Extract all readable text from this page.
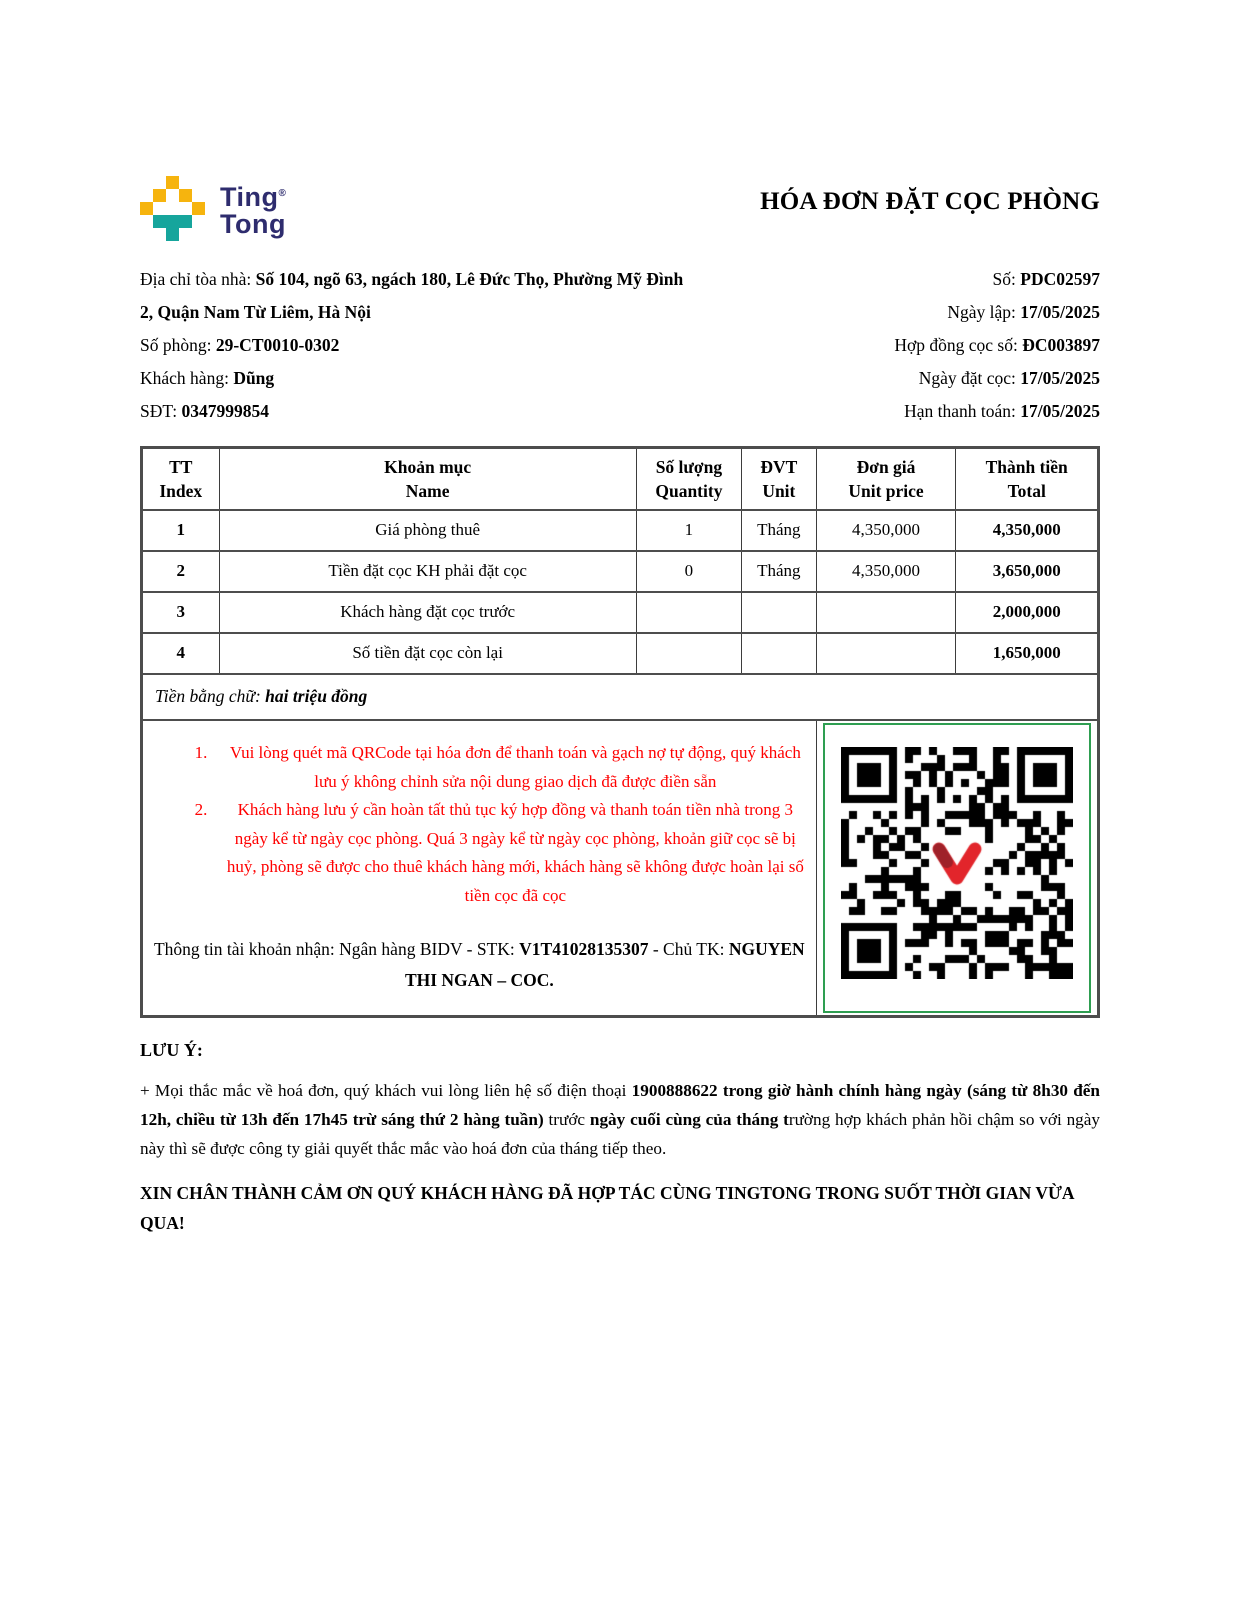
Ting®
Tong
HÓA ĐƠN ĐẶT CỌC PHÒNG
Địa chỉ tòa nhà: Số 104, ngõ 63, ngách 180, Lê Đức Thọ, Phường Mỹ Đình 2, Quận Nam Từ Liêm, Hà Nội
Số phòng: 29-CT0010-0302
Khách hàng: Dũng
SĐT: 0347999854
Số: PDC02597
Ngày lập: 17/05/2025
Hợp đồng cọc số: ĐC003897
Ngày đặt cọc: 17/05/2025
Hạn thanh toán: 17/05/2025
TT
Index

Khoản mục
Name

Số lượng
Quantity

ĐVT
Unit

Đơn giá
Unit price

Thành tiền
Total

1	Giá phòng thuê	1	Tháng	4,350,000	4,350,000
2	Tiền đặt cọc KH phải đặt cọc	0	Tháng	4,350,000	3,650,000
3	Khách hàng đặt cọc trước				2,000,000
4	Số tiền đặt cọc còn lại				1,650,000
Tiền bằng chữ: hai triệu đồng					

1. Vui lòng quét mã QRCode tại hóa đơn để thanh toán và gạch nợ tự động, quý khách lưu ý không chỉnh sửa nội dung giao dịch đã được điền sẵn
2. Khách hàng lưu ý cần hoàn tất thủ tục ký hợp đồng và thanh toán tiền nhà trong 3 ngày kể từ ngày cọc phòng. Quá 3 ngày kể từ ngày cọc phòng, khoản giữ cọc sẽ bị huỷ, phòng sẽ được cho thuê khách hàng mới, khách hàng sẽ không được hoàn lại số tiền cọc đã cọc
Thông tin tài khoản nhận: Ngân hàng BIDV - STK: V1T41028135307 - Chủ TK: NGUYEN THI NGAN – COC.

LƯU Ý:
+ Mọi thắc mắc về hoá đơn, quý khách vui lòng liên hệ số điện thoại 1900888622 trong giờ hành chính hàng ngày (sáng từ 8h30 đến 12h, chiều từ 13h đến 17h45 trừ sáng thứ 2 hàng tuần) trước ngày cuối cùng của tháng trường hợp khách phản hồi chậm so với ngày này thì sẽ được công ty giải quyết thắc mắc vào hoá đơn của tháng tiếp theo.
XIN CHÂN THÀNH CẢM ƠN QUÝ KHÁCH HÀNG ĐÃ HỢP TÁC CÙNG TINGTONG TRONG SUỐT THỜI GIAN VỪA QUA!
